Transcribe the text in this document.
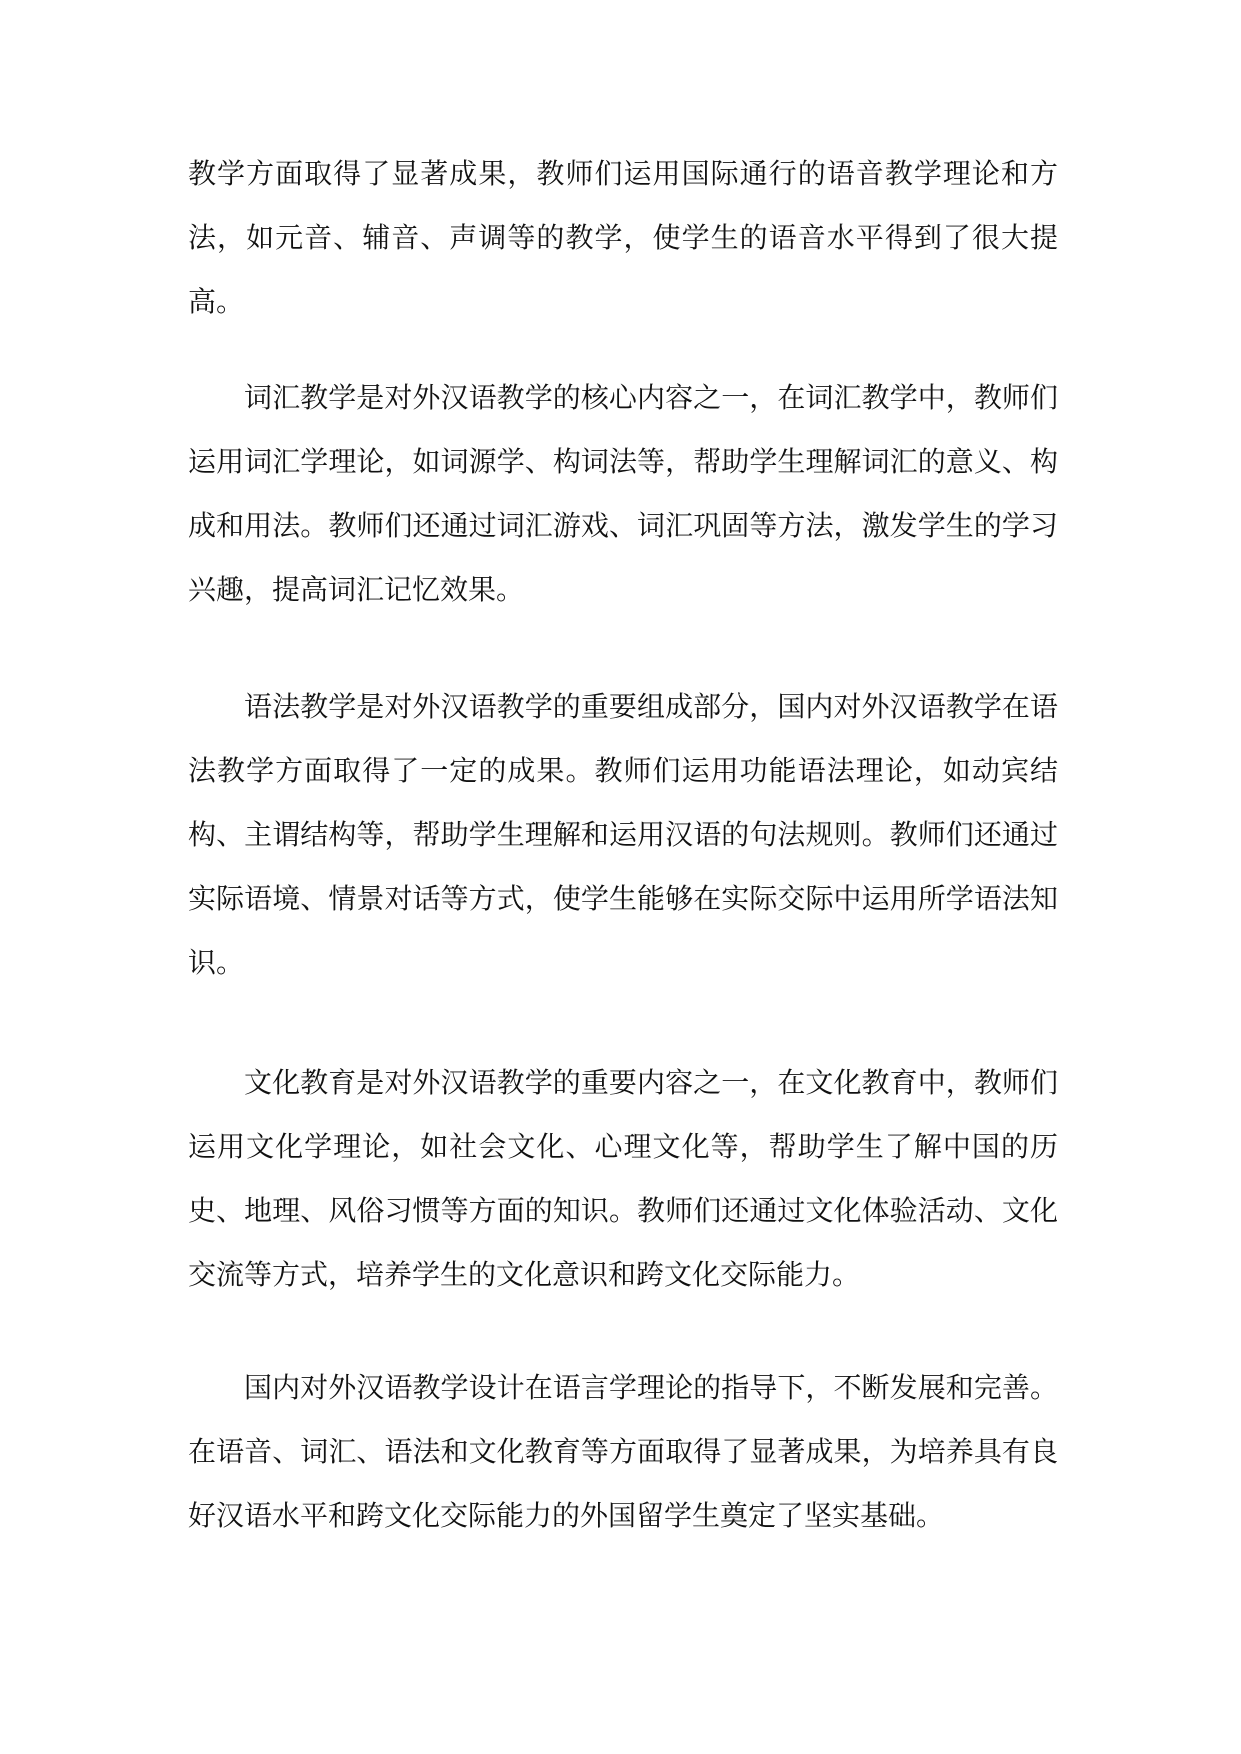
教学方面取得了显著成果，教师们运用国际通行的语音教学理论和方法，如元音、辅音、声调等的教学，使学生的语音水平得到了很大提高。

词汇教学是对外汉语教学的核心内容之一，在词汇教学中，教师们运用词汇学理论，如词源学、构词法等，帮助学生理解词汇的意义、构成和用法。教师们还通过词汇游戏、词汇巩固等方法，激发学生的学习兴趣，提高词汇记忆效果。

语法教学是对外汉语教学的重要组成部分，国内对外汉语教学在语法教学方面取得了一定的成果。教师们运用功能语法理论，如动宾结构、主谓结构等，帮助学生理解和运用汉语的句法规则。教师们还通过实际语境、情景对话等方式，使学生能够在实际交际中运用所学语法知识。

文化教育是对外汉语教学的重要内容之一，在文化教育中，教师们运用文化学理论，如社会文化、心理文化等，帮助学生了解中国的历史、地理、风俗习惯等方面的知识。教师们还通过文化体验活动、文化交流等方式，培养学生的文化意识和跨文化交际能力。

国内对外汉语教学设计在语言学理论的指导下，不断发展和完善。在语音、词汇、语法和文化教育等方面取得了显著成果，为培养具有良好汉语水平和跨文化交际能力的外国留学生奠定了坚实基础。
